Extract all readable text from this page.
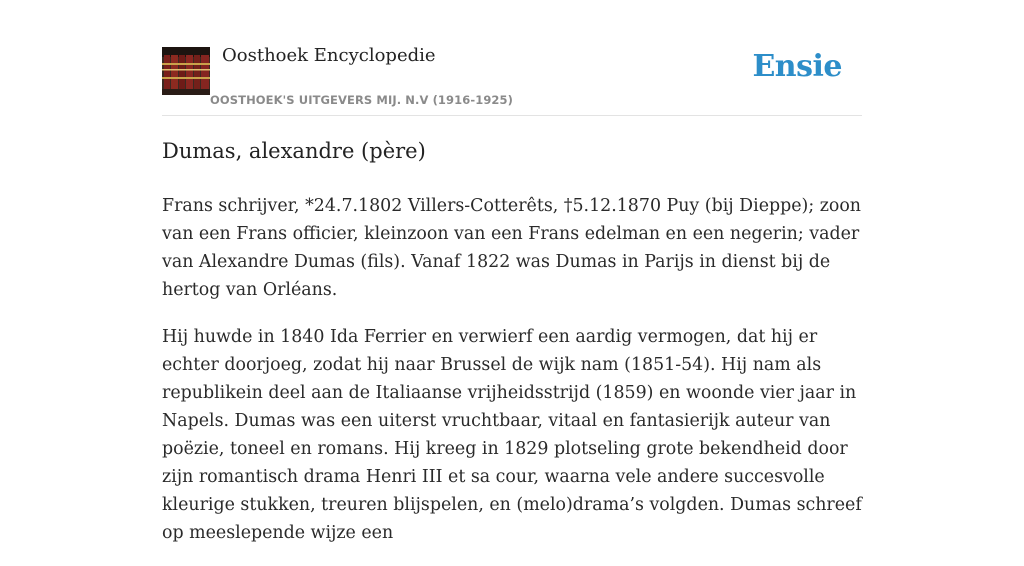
Oosthoek Encyclopedie
OOSTHOEK'S UITGEVERS MIJ. N.V (1916-1925)
Ensie
Dumas, alexandre (père)

Frans schrijver, *24.7.1802 Villers-Cotterêts, †5.12.1870 Puy (bij Dieppe); zoon van een Frans officier, kleinzoon van een Frans edelman en een negerin; vader van Alexandre Dumas (fils). Vanaf 1822 was Dumas in Parijs in dienst bij de hertog van Orléans.

Hij huwde in 1840 Ida Ferrier en verwierf een aardig vermogen, dat hij er echter doorjoeg, zodat hij naar Brussel de wijk nam (1851-54). Hij nam als republikein deel aan de Italiaanse vrijheidsstrijd (1859) en woonde vier jaar in Napels. Dumas was een uiterst vruchtbaar, vitaal en fantasierijk auteur van poëzie, toneel en romans. Hij kreeg in 1829 plotseling grote bekendheid door zijn romantisch drama Henri III et sa cour, waarna vele andere succesvolle kleurige stukken, treuren blijspelen, en (melo)drama’s volgden. Dumas schreef op meeslepende wijze een
